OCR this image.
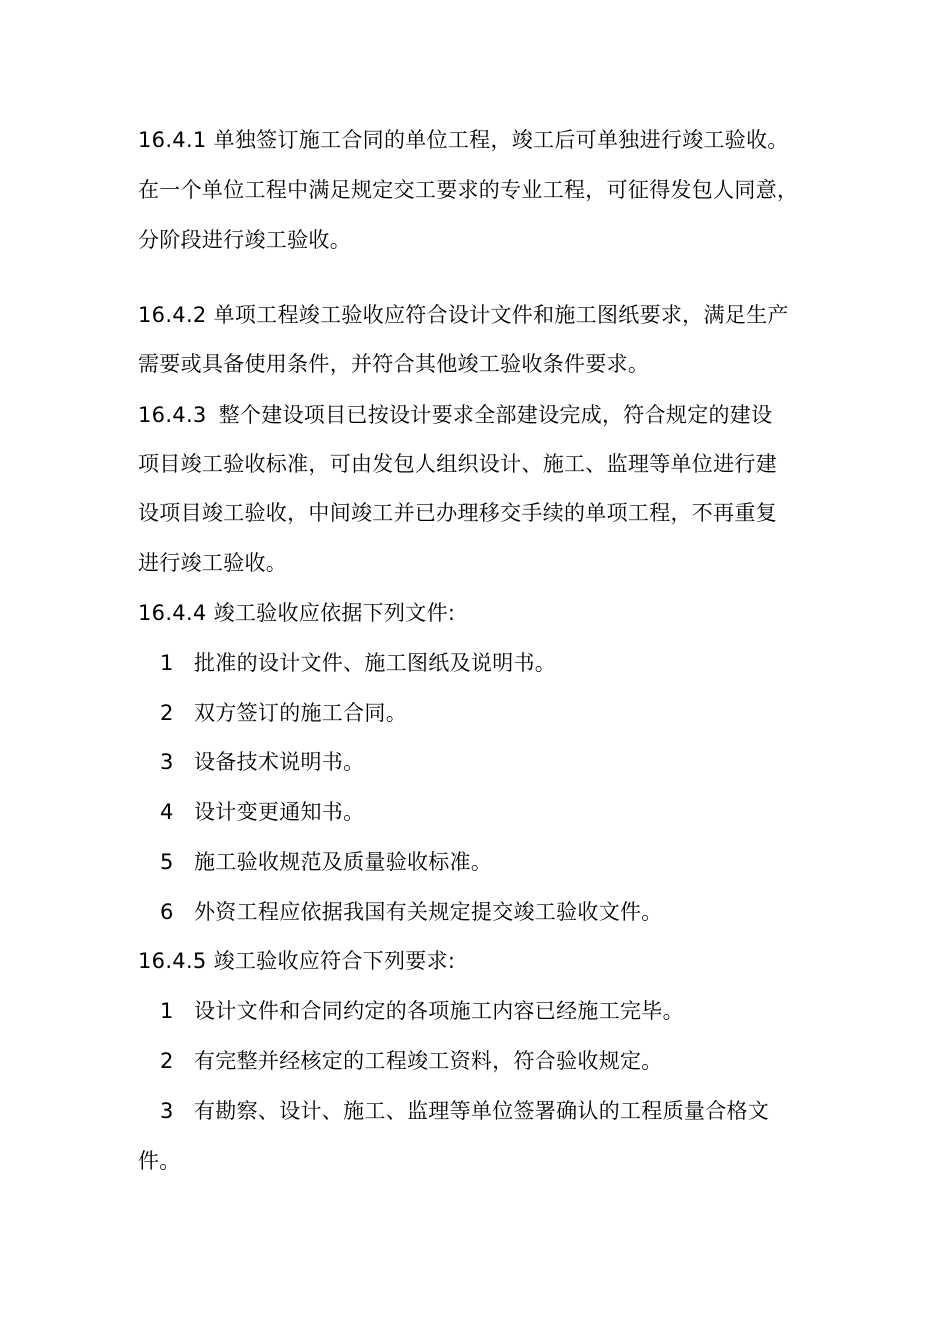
16.4.1 单独签订施工合同的单位工程，竣工后可单独进行竣工验收。
在一个单位工程中满足规定交工要求的专业工程，可征得发包人同意，
分阶段进行竣工验收。
16.4.2 单项工程竣工验收应符合设计文件和施工图纸要求，满足生产
需要或具备使用条件，并符合其他竣工验收条件要求。
16.4.3 整个建设项目已按设计要求全部建设完成，符合规定的建设
项目竣工验收标准，可由发包人组织设计、施工、监理等单位进行建
设项目竣工验收，中间竣工并已办理移交手续的单项工程，不再重复
进行竣工验收。
16.4.4 竣工验收应依据下列文件:
1 批准的设计文件、施工图纸及说明书。
2 双方签订的施工合同。
3 设备技术说明书。
4 设计变更通知书。
5 施工验收规范及质量验收标准。
6 外资工程应依据我国有关规定提交竣工验收文件。
16.4.5 竣工验收应符合下列要求:
1 设计文件和合同约定的各项施工内容已经施工完毕。
2 有完整并经核定的工程竣工资料，符合验收规定。
3 有勘察、设计、施工、监理等单位签署确认的工程质量合格文
件。
